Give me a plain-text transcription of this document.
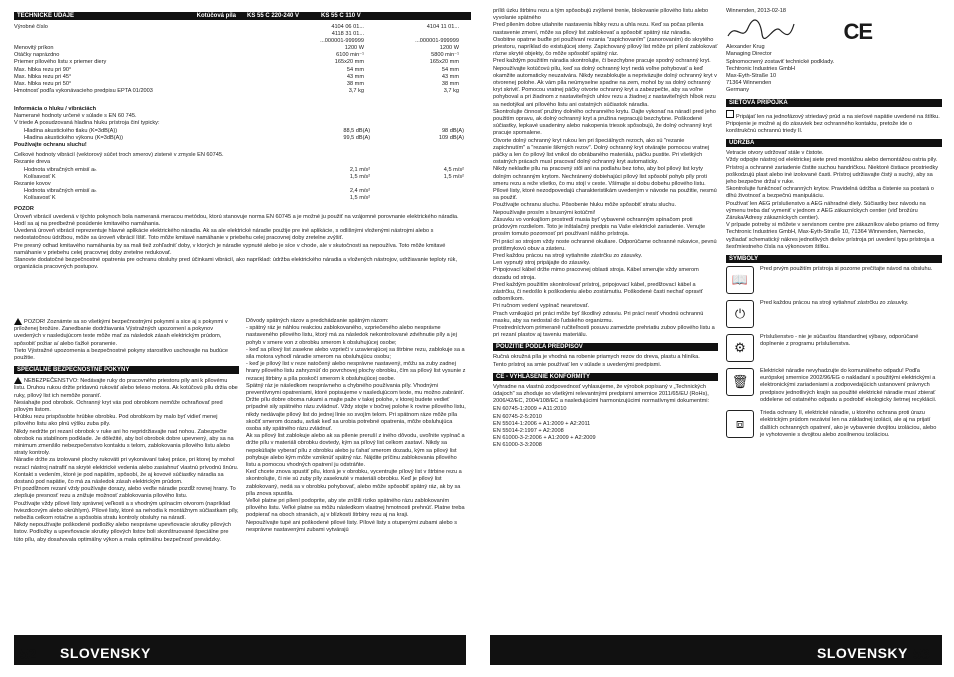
TECHNICKÉ ÚDAJE	Kotúčová píla KS 55 C 220-240 V	KS 55 C 110 V
Výrobné číslo	4104 06 01...	4104 11 01...
4118 31 01...
...000001-999999	...000001-999999
Menovitý príkon	1200 W	1200 W
Otáčky naprázdno	6100 min⁻¹	5800 min⁻¹
Priemer pílového listu x priemer diery	165x20 mm	165x20 mm
Max. hĺbka rezu pri 90°	54 mm	54 mm
Max. hĺbka rezu pri 45°	43 mm	43 mm
Max. hĺbka rezu pri 50°	38 mm	38 mm
Hmotnosť podľa vykonávacieho predpisu EPTA 01/2003	3,7 kg	3,7 kg
Informácia o hluku / vibráciách
Namerané hodnoty určené v súlade s EN 60 745.
V triede A posudzovaná hladina hluku prístroja činí typicky:
Hladina akustického tlaku (K=3dB(A))	88,5 dB(A)	98 dB(A)
Hladina akustického výkonu (K=3dB(A))	99,5 dB(A)	109 dB(A)
Používajte ochranu sluchu!
Celkové hodnoty vibrácií (vektorový súčet troch smerov) zistené v zmysle EN 60745.
Rezanie dreva
Hodnota vibračných emisií aₕ	2,1 m/s²	4,5 m/s²
Kolísavosť K	1,5 m/s²	1,5 m/s²
Rezanie kovov
Hodnota vibračných emisií aₕ	2,4 m/s²
Kolísavosť K	1,5 m/s²
POZOR
Úroveň vibrácií uvedená v týchto pokynoch bola nameraná meracou metódou, ktorú stanovuje norma EN 60745 a je možné ju použiť na vzájomné porovnanie elektrického náradia. Hodí sa aj na predbežné posúdenie kmitavého namáhania.
Uvedená úroveň vibrácií reprezentuje hlavné aplikácie elektrického náradia. Ak sa ale elektrické náradie použije pre iné aplikácie, s odlišnými vloženými nástrojmi alebo s nedostatočnou údržbou, môže sa úroveň vibrácií líšiť. Toto môže kmitavé namáhanie v priebehu celej pracovnej doby zretelne zvýšiť.
Pre presný odhad kmitavého namáhania by sa mali tiež zohľadniť doby, v ktorých je náradie vypnuté alebo je síce v chode, ale v skutočnosti sa nepoužíva. Toto môže kmitavé namáhanie v priebehu celej pracovnej doby zretelne redukovať.
Stanovte dodatočné bezpečnostné opatrenia pre ochranu obsluhy pred účinkami vibrácií, ako napríklad: údržba elektrického náradia a vložených nástrojov, udržiavanie teploty rúk, organizácia pracovných postupov.
POZOR! Zoznámte sa so všetkými bezpečnostnými pokynmi a sice aj s pokynmi v priloženej brožúre. Zanedbanie dodržiavania Výstražných upozornení a pokynov uvedených v nasledujúcom texte môže mať za následok zásah elektrickým prúdom, spôsobiť požiar a/ alebo ťažké poranenie.
Tieto Výstražné upozornenia a bezpečnostné pokyny starostlivo uschovajte na budúce použitie.
ŠPECIÁLNE BEZPEČNOSTNÉ POKYNY
NEBEZPEČENSTVO: Nedávajte ruky do pracovného priestoru píly ani k pílovému listu. Druhou rukou držte prídavnú rukoväť alebo teleso motora. Ak kotúčovú pílu držia obe ruky, pílový list ich nemôže poraniť.
Nesiahajte pod obrobok. Ochranný kryt vás pod obrobkom nemôže ochrañovať pred pílovým listom.
Hrúbku rezu prispôsobte hrúbke obrobku. Pod obrobkom by malo byť vidieť menej pílového listu ako plnú výšku zuba píly.
Nikdy nedržte pri rezaní obrobok v ruke ani ho nepridržiavajte nad nohou. Zabezpečte obrobok na stabilnom podklade. Je dôležité, aby bol obrobok dobre upevnený, aby sa na minimum zmenšilo nebezpečenstvo kontaktu s telom, zablokovania pílového listu alebo straty kontroly.
Náradie držte za izolované plochy rukoväti pri vykonávaní takej práce, pri ktorej by mohol rezací nástroj natrafiť na skryté elektrické vedenia alebo zasiahnuť vlastnú prívodnú šnúru. Kontakt s vedením, ktoré je pod napätím, spôsobí, že aj kovové súčiastky náradia sa dostanú pod napätie, čo má za následok zásah elektrickým prúdom.
Pri pozdĺžnom rezaní vždy používajte dorazy, alebo veďte náradie pozdĺž rovnej hrany. To zlepšuje presnosť rezu a znižuje možnosť zablokovania pílového listu.
Používajte vždy pílové listy správnej veľkosti a s vhodným upínacím otvorom (napríklad hviezdicovým alebo okrúhlym). Pílové listy, ktoré sa nehodia k montážnym súčiastkam píly, nebežia celkom rotačne a spôsobia stratu kontroly obsluhy na náradí.
Nikdy nepoužívajte poškodené podložky alebo nesprávne upevňovacie skrutky pílových listov. Podložky a upevňovacie skrutky pílových listov boli skonštruované špeciálne pre túto pílu, aby dosahovala optimálny výkon a mala optimálnu bezpečnosť prevádzky.
Dôvody spätných rázov a predchádzanie spätným rázom:
- spätný ráz je náhlou reakciou zablokovaného, vzpriečeného alebo nesprávne nastaveného pílového listu, ktorý má za následok nekontrolované zdvihnutie píly a jej pohyb v smere von z obrobku smerom k obsluhujúcej osobe;
- keď sa pílový list zasekne alebo vzprieči v uzavierajúcej sa štrbine rezu, zablokuje sa a sila motora vyhodí náradie smerom na obsluhujúcu osobu;
- keď je pílový list v reze natočený alebo nesprávne nastavený, môžu sa zuby zadnej hrany pílového listu zahryznúť do povrchovej plochy obrobku, čím sa pílový list vysunie z rezacej štrbiny a píla poskočí smerom k obsluhujúcej osobe.
Spätný ráz je následkom nesprávneho a chybného používania píly. Vhodnými preventívnymi opatreniami, ktoré popisujeme v nasledujúcom texte, mu možno zabrániť.
Držte pílu dobre oboma rukami a majte paže v takej polohe, v ktorej budete vedieť prípadné sily spätného rázu zvládnuť. Vždy stojte v bočnej polohe k rovine pílového listu, nikdy nedávajte pílový list do jednej línie so svojím telom. Pri spätnom ráze môže píla skočiť smerom dozadu, avšak keď sa urobia potrebné opatrenia, môže obsluhujúca osoba sily spätného rázu zvládnuť.
Ak sa pílový list zablokuje alebo ak sa pílenie preruší z iného dôvodu, uvoľnite vypínač a držte pílu v materiáli obrobku dovtedy, kým sa pílový list celkom zastaví. Nikdy sa nepokúšajte vyberať pílu z obrobku alebo ju ťahať smerom dozadu, kým sa pílový list pohybuje alebo kým môže vzniknúť spätný ráz. Nájdite príčinu zablokovania pílového listu a pomocou vhodných opatrení ju odstráňte.
Keď chcete znova spustiť pílu, ktorá je v obrobku, vycentrujte pílový list v štrbine rezu a skontrolujte, či nie sú zuby píly zaseknuté v materiáli obrobku. Keď je pílový list zablokovaný, nedá sa v obrobku pohybovať, alebo môže spôsobiť spätný ráz, ak by sa píla znova spustila.
Veľké platne pri pílení podoprite, aby ste znížili riziko spätného rázu zablokovaním pílového listu. Veľké platne sa môžu následkom vlastnej hmotnosti prehnúť. Platne treba podpierať na oboch stranách, aj v blízkosti štrbiny rezu aj na kraji.
Nepoužívajte tupé ani poškodené pílové listy. Pílové listy s otupenými zubami alebo s nesprávne nastavenými zubami vytvárajú
52 SLOVENSKY
príliš úzku štrbinu rezu a tým spôsobujú zvýšené trenie, blokovanie pílového listu alebo vyvolanie spätného
Pred pílením dobre utiahnite nastavenia hĺbky rezu a uhla rezu. Keď sa počas pílenia nastavenie zmení, môže sa pílový list zablokovať a spôsobiť spätný ráz náradia.
Osobitne opatrne buďte pri používaní rezania "zapichovaním" (zanorovaním) do skrytého priestoru, napríklad do existujúcej steny. Zapichovaný pílový list môže pri pílení zablokovať rôzne skryté objekty, čo môže spôsobiť spätný ráz.
Pred každým použitím náradia skontrolujte, či bezchybne pracuje spodný ochranný kryt. Nepoužívajte kotúčovú pílu, keď sa dolný ochranný kryt nedá voľne pohybovať a keď okamžite automaticky neuzatvára. Nikdy nezablokujte a nepriväzujte dolný ochranný kryt v otvorenej polohe. Ak vám píla neúmyselne spadne na zem, mohol by sa dolný ochranný kryt skriviť. Pomocou vratnej páčky otvorte ochranný kryt a zabezpečte, aby sa voľne pohyboval a pri žiadnom z nastaviteľných uhlov rezu a žiadnej z nastaviteľných hĺbok rezu sa nedotýkal ani pílového listu ani ostatných súčiastok náradia.
Skontrolujte činnosť pružiny dolného ochranného krytu. Dajte vykonať na náradí pred jeho použitím opravu, ak dolný ochranný kryt a pružina nepracujú bezchybne. Poškodené súčiastky, lepkavé usadeniny alebo nakopenia triesok spôsobujú, že dolný ochranný kryt pracuje spomalene.
Otvorte dolný ochranný kryt rukou len pri špeciálnych rezoch, ako sú "rezanie zapichnutím" a "rezanie šikmých rezov". Dolný ochranný kryt otvárajte pomocou vratnej páčky a len čo pílový list vnikol do obrábaného materiálu, páčku pustite. Pri všetkých ostatných prácach musí pracovať dolný ochranný kryt automaticky.
Nikdy nekladte pílu na pracovný stôl ani na podlahu bez toho, aby bol pílový list kryty dolným ochranným krytom. Nechránený dobiehajúci pílový list spôsobí pohyb píly proti smeru rezu a reže všetko, čo mu stojí v ceste. Všímajte si dobu dobehu pílového listu.
Pílové listy, ktoré nezodpovedajú charakteristikám uvedeným v návode na použitie, nesmú sa použiť.
Používajte ochranu sluchu. Pôsobenie hluku môže spôsobiť stratu sluchu.
Nepoužívajte prosím s brusnými kotúčmi!
Zásuvku vo vonkajšom prostredí musia byť vybavené ochranným spínačom proti prúdovým rozdielom. Toto je inštalačný predpis na Vaše elektrické zariadenie. Venujte prosím tomuto pozornosť pri používaní nášho prístroja.
Pri prácí so strojom vždy noste ochranné okuliare. Odporúčame ochranné rukavice, pevnú protišmykovú obuv a zásteru.
Pred každou prácou na stroji vytiahnite zástrčku zo zásuvky.
Len vypnutý stroj pripájajte do zásuvky.
Pripojovací kábel držte mimo pracovnej oblasti stroja. Kábel smerujte vždy smerom dozadu od stroja.
Pred každým použitím skontrolovať prístroj, pripojovací kábel, predlžovací kábel a zástrčku, či nedošlo k poškodeniu alebo zostárnutiu. Poškodené časti nechať opraviť odborníkom.
Pri ručnom vedení vypínač nearetovať.
Prach vznikajúci pri práci môže byť škodlivý zdraviu. Pri prácí nesiť vhodnú ochrannú masku, aby sa nedostal do ľudského organizmu.
Prostredníctvom primeraně ručiteľnosti posuvu zamedzte prehriatiu zubov pílového listu a pri rezaní plastov aj taveniu materiálu.
POUŽITIE PODĽA PREDPISOV
Ručná okružná píla je vhodná na robenie priamych rezov do dreva, plastu a hliníka.
Tento prístroj sa smie používať len v súlade s uvedenými predpismi.
CE - VYHLÁSENIE KONFORMITY
Vyhradne na vlastnú zodpovednosť vyhlasujeme, že výrobok popísaný v „Technických údajoch" sa zhoduje so všetkými relevantnými predpismi smernice 2011/65/EU (RoHs), 2006/42/EC, 2004/108/EC a nasledujúcimi harmonizujúcimi normatívnymi dokumentmi:
EN 60745-1:2009 + A11:2010
EN 60745-2-5:2010
EN 55014-1:2006 + A1:2009 + A2:2011
EN 55014-2:1997 + A2:2008
EN 61000-3-2:2006 + A1:2009 + A2:2009
EN 61000-3-3:2008
Winnenden, 2013-02-18
CE
Alexander Krug
Managing Director
Splnomocnený zostaviť technické podklady.
Techtronic Industries GmbH
Max-Eyth-Straße 10
71364 Winnenden
Germany
SIEŤOVÁ PRÍPOJKA
Pripájať len na jednofázový striedavý prúd a na sieťové napätie uvedené na štítku. Pripojenie je možné aj do zásuviek bez ochranného kontaktu, pretože ide o konštrukčnú ochrannú triedy II.
ÚDRŽBA
Vetracie otvory udržovať stále v čistote.
Vždy odpojte nástroj od elektrickej siete pred montážou alebo demontážou ostria píly.
Prístroj a ochranné zariadenie čistite suchou handričkou. Niektoré čistiace prostriedky poškodzujú plast alebo iné izolované časti. Prístroj udržiavajte čistý a suchý, aby sa jeho bezpečne držal v ruke.
Skontrolujte funkčnosť ochranných krytov. Pravidelná údržba a čistenie sa postará o dlhú životnosť a bezpečnú manipuláciu.
Používať len AEG príslušenstvo a AEG náhradné diely. Súčiastky bez návodu na výmenu treba dať vymeniť v jednom z AEG zákazníckych centier (viď brožúru Záruka/Adresy zákazníckych centier).
V prípade potreby si môžete v servisnom centre pre zákazníkov alebo priamo od firmy Techtronic Industries GmbH, Max-Eyth-Straße 10, 71364 Winnenden, Nemecko, vyžiadať schematický nákres jednotlivých dielov prístroja pri uvedení typu prístroja a šesťmiestneho čísla na výkonovom štítku.
SYMBOLY
📖
Pred prvým použitím prístroja si pozorne prečítajte návod na obsluhu.
⏻
Pred každou prácou na stroji vytiahnuť zástrčku zo zásuvky.
⚙
Príslušenstvo - nie je súčasťou štandardnej výbavy, odporúčané doplnenie z programu príslušenstva.
🗑
Elektrické náradie nevyhadzujte do komunálneho odpadu! Podľa európskej smernice 2002/96/EG o nakladaní s použitými elektrickými a elektronickými zariadeniami a zodpovedajúcich ustanovení právnych predpisov jednotlivých krajín sa použité elektrické náradie musí zbierať oddelene od ostatného odpadu a podrobiť ekologicky šetrnej recyklácii.
⧈
Trieda ochrany II, elektrické náradie, u ktorého ochrana proti úrazu elektrickým prúdom nezávisí len na základnej izolácii, ale aj na prijatí ďalších ochranných opatrení, ako je vybavenie dvojitou izoláciou, alebo je vyhotovenie s dvojitou alebo zosilnenou izoláciou.
SLOVENSKY 53
